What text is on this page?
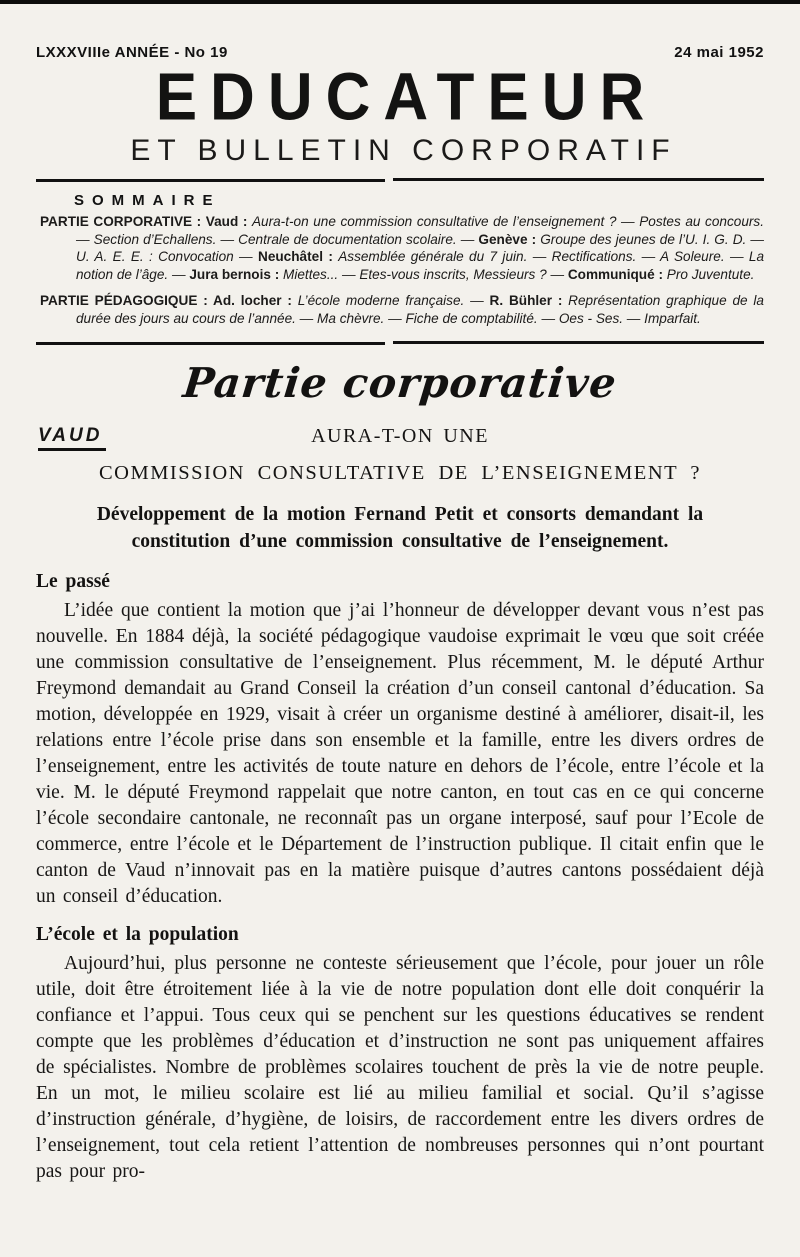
LXXXVIIIe ANNÉE - No 19	24 mai 1952
EDUCATEUR
ET BULLETIN CORPORATIF
SOMMAIRE

PARTIE CORPORATIVE : Vaud : Aura-t-on une commission consultative de l’enseignement ? — Postes au concours. — Section d’Echallens. — Centrale de documentation scolaire. — Genève : Groupe des jeunes de l’U. I. G. D. — U. A. E. E. : Convocation — Neuchâtel : Assemblée générale du 7 juin. — Rectifications. — A Soleure. — La notion de l’âge. — Jura bernois : Miettes... — Etes-vous inscrits, Messieurs ? — Communiqué : Pro Juventute.

PARTIE PÉDAGOGIQUE : Ad. locher : L’école moderne française. — R. Bühler : Représentation graphique de la durée des jours au cours de l’année. — Ma chèvre. — Fiche de comptabilité. — Oes - Ses. — Imparfait.

Partie corporative
VAUD	AURA-T-ON UNE
COMMISSION CONSULTATIVE DE L’ENSEIGNEMENT ?
Développement de la motion Fernand Petit et consorts demandant la
constitution d’une commission consultative de l’enseignement.
Le passé

L’idée que contient la motion que j’ai l’honneur de développer devant vous n’est pas nouvelle. En 1884 déjà, la société pédagogique vaudoise exprimait le vœu que soit créée une commission consultative de l’enseignement. Plus récemment, M. le député Arthur Freymond demandait au Grand Conseil la création d’un conseil cantonal d’éducation. Sa motion, développée en 1929, visait à créer un organisme destiné à améliorer, disait-il, les relations entre l’école prise dans son ensemble et la famille, entre les divers ordres de l’enseignement, entre les activités de toute nature en dehors de l’école, entre l’école et la vie. M. le député Freymond rappelait que notre canton, en tout cas en ce qui concerne l’école secondaire cantonale, ne reconnaît pas un organe interposé, sauf pour l’Ecole de commerce, entre l’école et le Département de l’instruction publique. Il citait enfin que le canton de Vaud n’innovait pas en la matière puisque d’autres cantons possédaient déjà un conseil d’éducation.

L’école et la population

Aujourd’hui, plus personne ne conteste sérieusement que l’école, pour jouer un rôle utile, doit être étroitement liée à la vie de notre population dont elle doit conquérir la confiance et l’appui. Tous ceux qui se penchent sur les questions éducatives se rendent compte que les problèmes d’éducation et d’instruction ne sont pas uniquement affaires de spécialistes. Nombre de problèmes scolaires touchent de près la vie de notre peuple. En un mot, le milieu scolaire est lié au milieu familial et social. Qu’il s’agisse d’instruction générale, d’hygiène, de loisirs, de raccordement entre les divers ordres de l’enseignement, tout cela retient l’attention de nombreuses personnes qui n’ont pourtant pas pour pro-
